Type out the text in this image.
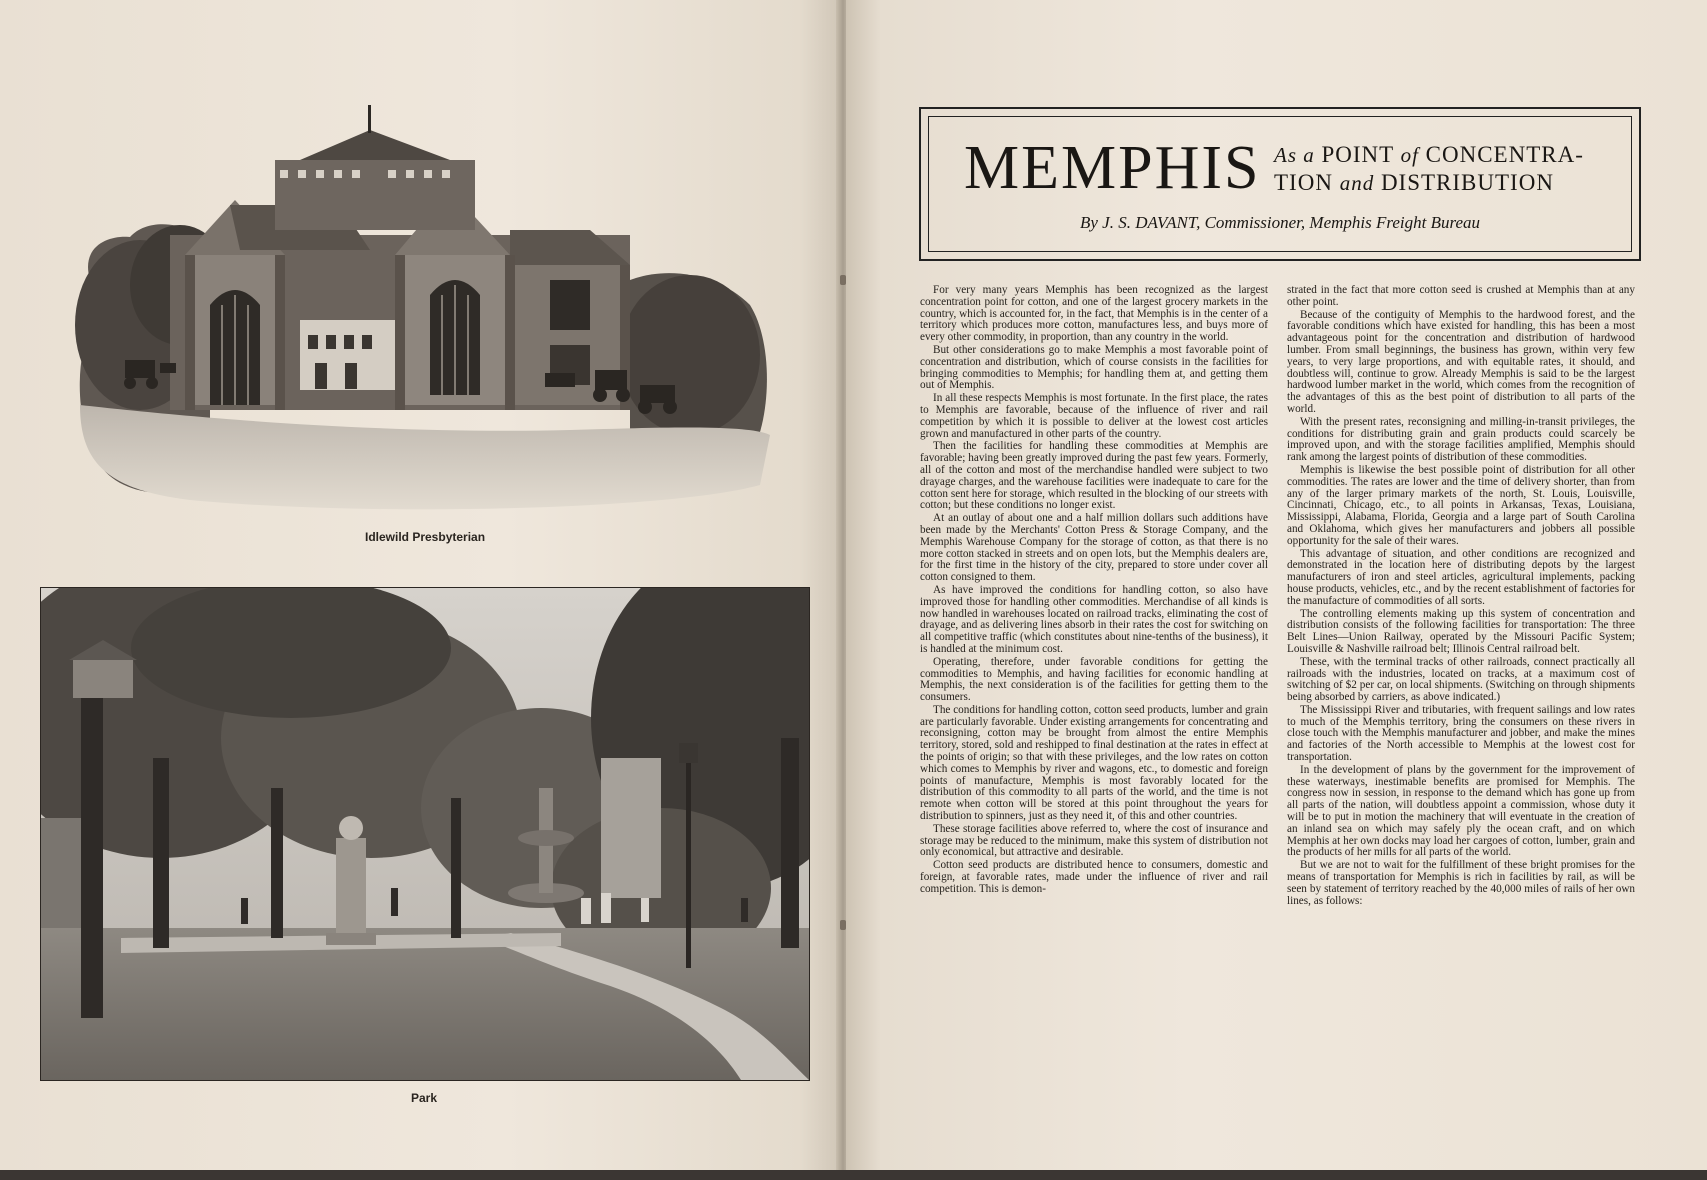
Idlewild Presbyterian
Park
MEMPHIS As a POINT of CONCENTRA-
TION and DISTRIBUTION
By J. S. DAVANT, Commissioner, Memphis Freight Bureau

For very many years Memphis has been recognized as the largest concentration point for cotton, and one of the largest grocery markets in the country, which is accounted for, in the fact, that Memphis is in the center of a territory which produces more cotton, manufactures less, and buys more of every other commodity, in proportion, than any country in the world.

But other considerations go to make Memphis a most favorable point of concentration and distribution, which of course consists in the facilities for bringing commodities to Memphis; for handling them at, and getting them out of Memphis.

In all these respects Memphis is most fortunate. In the first place, the rates to Memphis are favorable, because of the influence of river and rail competition by which it is possible to deliver at the lowest cost articles grown and manufactured in other parts of the country.

Then the facilities for handling these commodities at Memphis are favorable; having been greatly improved during the past few years. Formerly, all of the cotton and most of the merchandise handled were subject to two drayage charges, and the warehouse facilities were inadequate to care for the cotton sent here for storage, which resulted in the blocking of our streets with cotton; but these conditions no longer exist.

At an outlay of about one and a half million dollars such additions have been made by the Merchants' Cotton Press & Storage Company, and the Memphis Warehouse Company for the storage of cotton, as that there is no more cotton stacked in streets and on open lots, but the Memphis dealers are, for the first time in the history of the city, prepared to store under cover all cotton consigned to them.

As have improved the conditions for handling cotton, so also have improved those for handling other commodities. Merchandise of all kinds is now handled in warehouses located on railroad tracks, eliminating the cost of drayage, and as delivering lines absorb in their rates the cost for switching on all competitive traffic (which constitutes about nine-tenths of the business), it is handled at the minimum cost.

Operating, therefore, under favorable conditions for getting the commodities to Memphis, and having facilities for economic handling at Memphis, the next consideration is of the facilities for getting them to the consumers.

The conditions for handling cotton, cotton seed products, lumber and grain are particularly favorable. Under existing arrangements for concentrating and reconsigning, cotton may be brought from almost the entire Memphis territory, stored, sold and reshipped to final destination at the rates in effect at the points of origin; so that with these privileges, and the low rates on cotton which comes to Memphis by river and wagons, etc., to domestic and foreign points of manufacture, Memphis is most favorably located for the distribution of this commodity to all parts of the world, and the time is not remote when cotton will be stored at this point throughout the years for distribution to spinners, just as they need it, of this and other countries.

These storage facilities above referred to, where the cost of insurance and storage may be reduced to the minimum, make this system of distribution not only economical, but attractive and desirable.

Cotton seed products are distributed hence to consumers, domestic and foreign, at favorable rates, made under the influence of river and rail competition. This is demon-

strated in the fact that more cotton seed is crushed at Memphis than at any other point.

Because of the contiguity of Memphis to the hardwood forest, and the favorable conditions which have existed for handling, this has been a most advantageous point for the concentration and distribution of hardwood lumber. From small beginnings, the business has grown, within very few years, to very large proportions, and with equitable rates, it should, and doubtless will, continue to grow. Already Memphis is said to be the largest hardwood lumber market in the world, which comes from the recognition of the advantages of this as the best point of distribution to all parts of the world.

With the present rates, reconsigning and milling-in-transit privileges, the conditions for distributing grain and grain products could scarcely be improved upon, and with the storage facilities amplified, Memphis should rank among the largest points of distribution of these commodities.

Memphis is likewise the best possible point of distribution for all other commodities. The rates are lower and the time of delivery shorter, than from any of the larger primary markets of the north, St. Louis, Louisville, Cincinnati, Chicago, etc., to all points in Arkansas, Texas, Louisiana, Mississippi, Alabama, Florida, Georgia and a large part of South Carolina and Oklahoma, which gives her manufacturers and jobbers all possible opportunity for the sale of their wares.

This advantage of situation, and other conditions are recognized and demonstrated in the location here of distributing depots by the largest manufacturers of iron and steel articles, agricultural implements, packing house products, vehicles, etc., and by the recent establishment of factories for the manufacture of commodities of all sorts.

The controlling elements making up this system of concentration and distribution consists of the following facilities for transportation: The three Belt Lines—Union Railway, operated by the Missouri Pacific System; Louisville & Nashville railroad belt; Illinois Central railroad belt.

These, with the terminal tracks of other railroads, connect practically all railroads with the industries, located on tracks, at a maximum cost of switching of $2 per car, on local shipments. (Switching on through shipments being absorbed by carriers, as above indicated.)

The Mississippi River and tributaries, with frequent sailings and low rates to much of the Memphis territory, bring the consumers on these rivers in close touch with the Memphis manufacturer and jobber, and make the mines and factories of the North accessible to Memphis at the lowest cost for transportation.

In the development of plans by the government for the improvement of these waterways, inestimable benefits are promised for Memphis. The congress now in session, in response to the demand which has gone up from all parts of the nation, will doubtless appoint a commission, whose duty it will be to put in motion the machinery that will eventuate in the creation of an inland sea on which may safely ply the ocean craft, and on which Memphis at her own docks may load her cargoes of cotton, lumber, grain and the products of her mills for all parts of the world.

But we are not to wait for the fulfillment of these bright promises for the means of transportation for Memphis is rich in facilities by rail, as will be seen by statement of territory reached by the 40,000 miles of rails of her own lines, as follows:
